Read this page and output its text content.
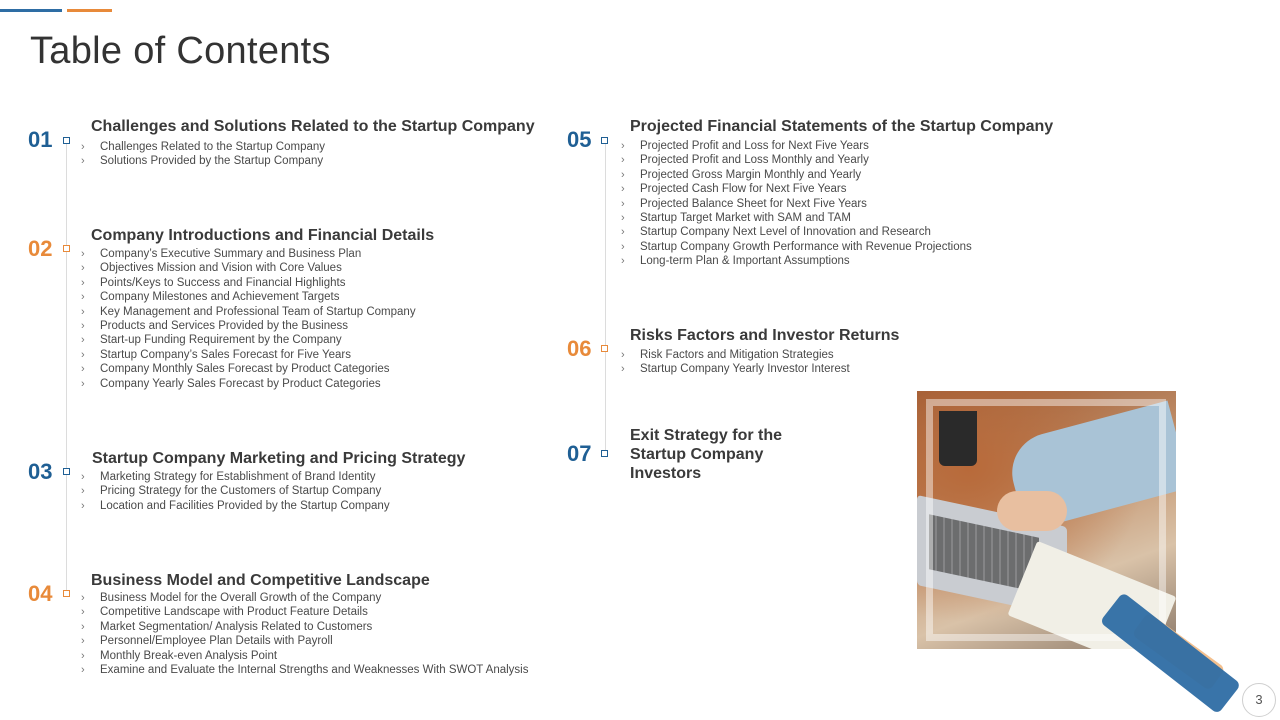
Table of Contents
01
Challenges and Solutions Related to the Startup Company
› Challenges Related to the Startup Company
› Solutions Provided by the Startup Company
02
Company Introductions and Financial Details
› Company’s Executive Summary and Business Plan
› Objectives Mission and Vision with Core Values
› Points/Keys to Success and Financial Highlights
› Company Milestones and Achievement Targets
› Key Management and Professional Team of Startup Company
› Products and Services Provided by the Business
› Start-up Funding Requirement by the Company
› Startup Company’s Sales Forecast for Five Years
› Company Monthly Sales Forecast by Product Categories
› Company Yearly Sales Forecast by Product Categories
03
Startup Company Marketing and Pricing Strategy
› Marketing Strategy for Establishment of Brand Identity
› Pricing Strategy for the Customers of Startup Company
› Location and Facilities Provided by the Startup Company
04
Business Model and Competitive Landscape
› Business Model for the Overall Growth of the Company
› Competitive Landscape with Product Feature Details
› Market Segmentation/ Analysis Related to Customers
› Personnel/Employee Plan Details with Payroll
› Monthly Break-even Analysis Point
› Examine and Evaluate the Internal Strengths and Weaknesses With SWOT Analysis
05
Projected Financial Statements of the Startup Company
› Projected Profit and Loss for Next Five Years
› Projected Profit and Loss Monthly and Yearly
› Projected Gross Margin Monthly and Yearly
› Projected Cash Flow for Next Five Years
› Projected Balance Sheet for Next Five Years
› Startup Target Market with SAM and TAM
› Startup Company Next Level of Innovation and Research
› Startup Company Growth Performance with Revenue Projections
› Long-term Plan & Important Assumptions
06
Risks Factors and Investor Returns
› Risk Factors and Mitigation Strategies
› Startup Company Yearly Investor Interest
07
Exit Strategy for the
Startup Company
Investors
3
